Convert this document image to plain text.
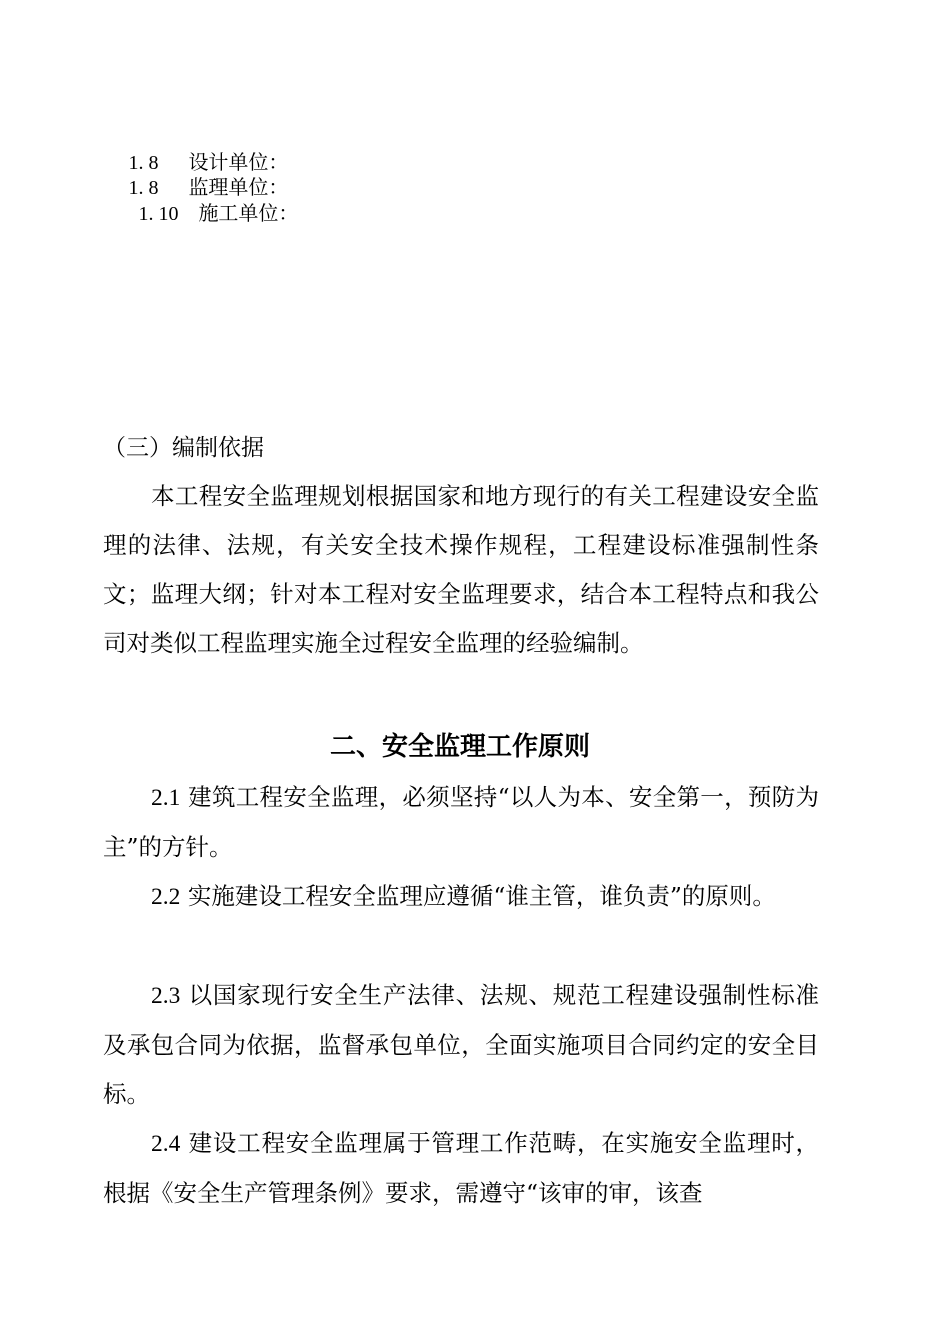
1. 8 设计单位：

1. 8 监理单位：

1. 10 施工单位：

（三）编制依据

本工程安全监理规划根据国家和地方现行的有关工程建设安全监理的法律、法规，有关安全技术操作规程，工程建设标准强制性条文；监理大纲；针对本工程对安全监理要求，结合本工程特点和我公司对类似工程监理实施全过程安全监理的经验编制。

二、安全监理工作原则

2.1 建筑工程安全监理，必须坚持“以人为本、安全第一，预防为主”的方针。

2.2 实施建设工程安全监理应遵循“谁主管，谁负责”的原则。

2.3 以国家现行安全生产法律、法规、规范工程建设强制性标准及承包合同为依据，监督承包单位，全面实施项目合同约定的安全目标。

2.4 建设工程安全监理属于管理工作范畴，在实施安全监理时，根据《安全生产管理条例》要求，需遵守“该审的审，该查
